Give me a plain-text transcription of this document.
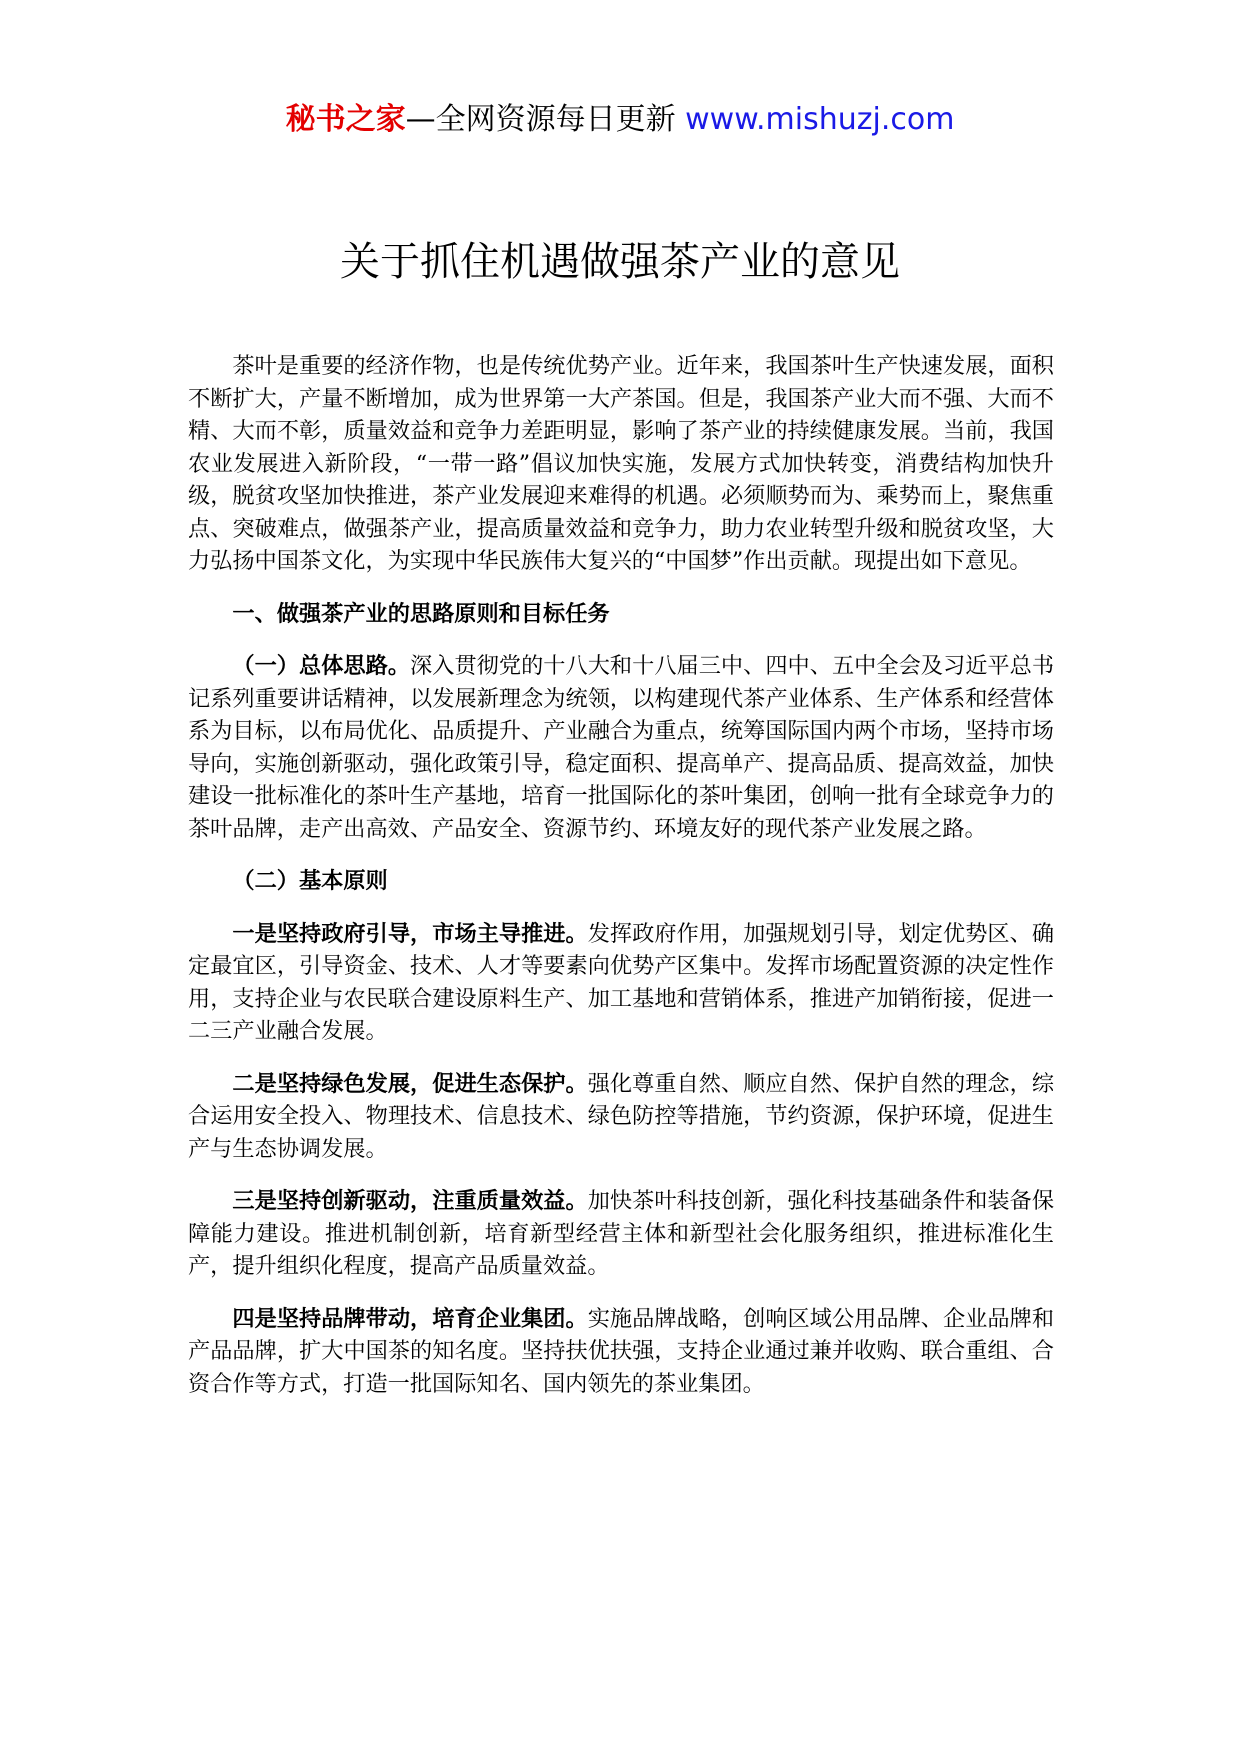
秘书之家—全网资源每日更新 www.mishuzj.com
关于抓住机遇做强茶产业的意见

茶叶是重要的经济作物，也是传统优势产业。近年来，我国茶叶生产快速发展，面积不断扩大，产量不断增加，成为世界第一大产茶国。但是，我国茶产业大而不强、大而不精、大而不彰，质量效益和竞争力差距明显，影响了茶产业的持续健康发展。当前，我国农业发展进入新阶段，“一带一路”倡议加快实施，发展方式加快转变，消费结构加快升级，脱贫攻坚加快推进，茶产业发展迎来难得的机遇。必须顺势而为、乘势而上，聚焦重点、突破难点，做强茶产业，提高质量效益和竞争力，助力农业转型升级和脱贫攻坚，大力弘扬中国茶文化，为实现中华民族伟大复兴的“中国梦”作出贡献。现提出如下意见。

一、做强茶产业的思路原则和目标任务

（一）总体思路。深入贯彻党的十八大和十八届三中、四中、五中全会及习近平总书记系列重要讲话精神，以发展新理念为统领，以构建现代茶产业体系、生产体系和经营体系为目标，以布局优化、品质提升、产业融合为重点，统筹国际国内两个市场，坚持市场导向，实施创新驱动，强化政策引导，稳定面积、提高单产、提高品质、提高效益，加快建设一批标准化的茶叶生产基地，培育一批国际化的茶叶集团，创响一批有全球竞争力的茶叶品牌，走产出高效、产品安全、资源节约、环境友好的现代茶产业发展之路。

（二）基本原则

一是坚持政府引导，市场主导推进。发挥政府作用，加强规划引导，划定优势区、确定最宜区，引导资金、技术、人才等要素向优势产区集中。发挥市场配置资源的决定性作用，支持企业与农民联合建设原料生产、加工基地和营销体系，推进产加销衔接，促进一二三产业融合发展。

二是坚持绿色发展，促进生态保护。强化尊重自然、顺应自然、保护自然的理念，综合运用安全投入、物理技术、信息技术、绿色防控等措施，节约资源，保护环境，促进生产与生态协调发展。

三是坚持创新驱动，注重质量效益。加快茶叶科技创新，强化科技基础条件和装备保障能力建设。推进机制创新，培育新型经营主体和新型社会化服务组织，推进标准化生产，提升组织化程度，提高产品质量效益。

四是坚持品牌带动，培育企业集团。实施品牌战略，创响区域公用品牌、企业品牌和产品品牌，扩大中国茶的知名度。坚持扶优扶强，支持企业通过兼并收购、联合重组、合资合作等方式，打造一批国际知名、国内领先的茶业集团。
